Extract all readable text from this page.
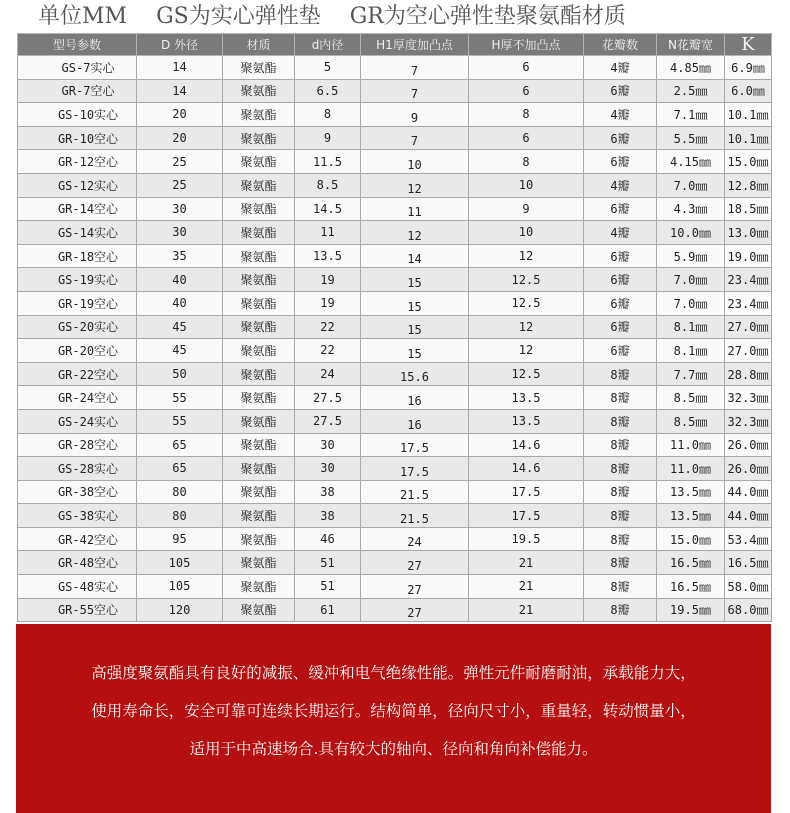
单位MM GS为实心弹性垫 GR为空心弹性垫聚氨酯材质
型号参数	D 外径	材质	d内径	H1厚度加凸点	H厚不加凸点	花瓣数	N花瓣宽	K
GS-7实心	14	聚氨酯	5	7	6	4瓣	4.85㎜	6.9㎜
GR-7空心	14	聚氨酯	6.5	7	6	6瓣	2.5㎜	6.0㎜
GS-10实心	20	聚氨酯	8	9	8	4瓣	7.1㎜	10.1㎜
GR-10空心	20	聚氨酯	9	7	6	6瓣	5.5㎜	10.1㎜
GR-12空心	25	聚氨酯	11.5	10	8	6瓣	4.15㎜	15.0㎜
GS-12实心	25	聚氨酯	8.5	12	10	4瓣	7.0㎜	12.8㎜
GR-14空心	30	聚氨酯	14.5	11	9	6瓣	4.3㎜	18.5㎜
GS-14实心	30	聚氨酯	11	12	10	4瓣	10.0㎜	13.0㎜
GR-18空心	35	聚氨酯	13.5	14	12	6瓣	5.9㎜	19.0㎜
GS-19实心	40	聚氨酯	19	15	12.5	6瓣	7.0㎜	23.4㎜
GR-19空心	40	聚氨酯	19	15	12.5	6瓣	7.0㎜	23.4㎜
GS-20实心	45	聚氨酯	22	15	12	6瓣	8.1㎜	27.0㎜
GR-20空心	45	聚氨酯	22	15	12	6瓣	8.1㎜	27.0㎜
GR-22空心	50	聚氨酯	24	15.6	12.5	8瓣	7.7㎜	28.8㎜
GR-24空心	55	聚氨酯	27.5	16	13.5	8瓣	8.5㎜	32.3㎜
GS-24实心	55	聚氨酯	27.5	16	13.5	8瓣	8.5㎜	32.3㎜
GR-28空心	65	聚氨酯	30	17.5	14.6	8瓣	11.0㎜	26.0㎜
GS-28实心	65	聚氨酯	30	17.5	14.6	8瓣	11.0㎜	26.0㎜
GR-38空心	80	聚氨酯	38	21.5	17.5	8瓣	13.5㎜	44.0㎜
GS-38实心	80	聚氨酯	38	21.5	17.5	8瓣	13.5㎜	44.0㎜
GR-42空心	95	聚氨酯	46	24	19.5	8瓣	15.0㎜	53.4㎜
GR-48空心	105	聚氨酯	51	27	21	8瓣	16.5㎜	16.5㎜
GS-48实心	105	聚氨酯	51	27	21	8瓣	16.5㎜	58.0㎜
GR-55空心	120	聚氨酯	61	27	21	8瓣	19.5㎜	68.0㎜

高强度聚氨酯具有良好的减振、缓冲和电气绝缘性能。弹性元件耐磨耐油，承载能力大，

使用寿命长，安全可靠可连续长期运行。结构简单，径向尺寸小，重量轻，转动惯量小，

适用于中高速场合.具有较大的轴向、径向和角向补偿能力。
